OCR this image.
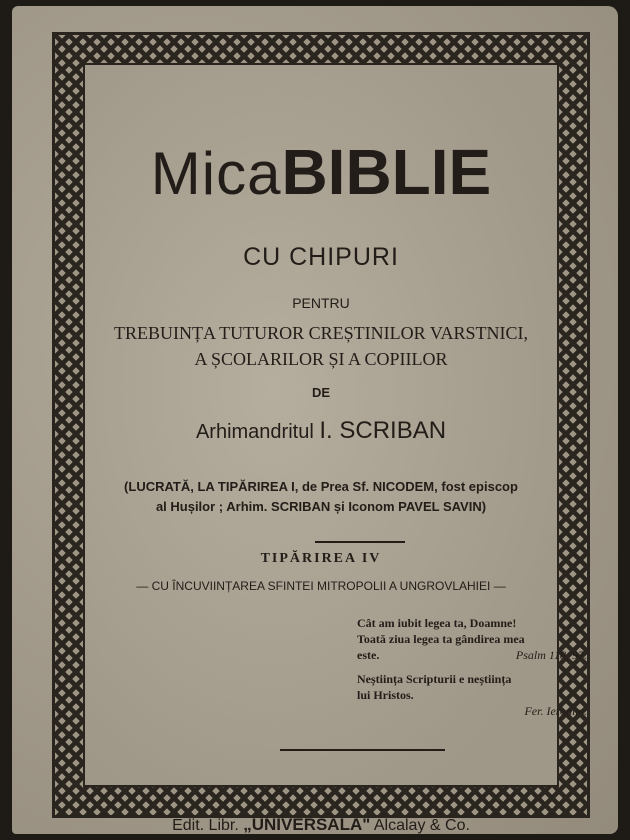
MicaBIBLIE
CU CHIPURI
PENTRU
TREBUINȚA TUTUROR CREȘTINILOR VARSTNICI,
A ȘCOLARILOR ȘI A COPIILOR
DE
Arhimandritul I. SCRIBAN
(LUCRATĂ, LA TIPĂRIREA I, de Prea Sf. NICODEM, fost episcop
al Hușilor ; Arhim. SCRIBAN și Iconom PAVEL SAVIN)
TIPĂRIREA IV
— CU ÎNCUVIINȚAREA SFINTEI MITROPOLII A UNGROVLAHIEI —
Cât am iubit legea ta, Doamne!
Toată ziua legea ta gândirea mea
este.	Psalm 118, 97.
Neștiința Scripturii e neștiința
lui Hristos.
Fer. Ieronim.
Edit. Libr. „UNIVERSALA" Alcalay & Co.
